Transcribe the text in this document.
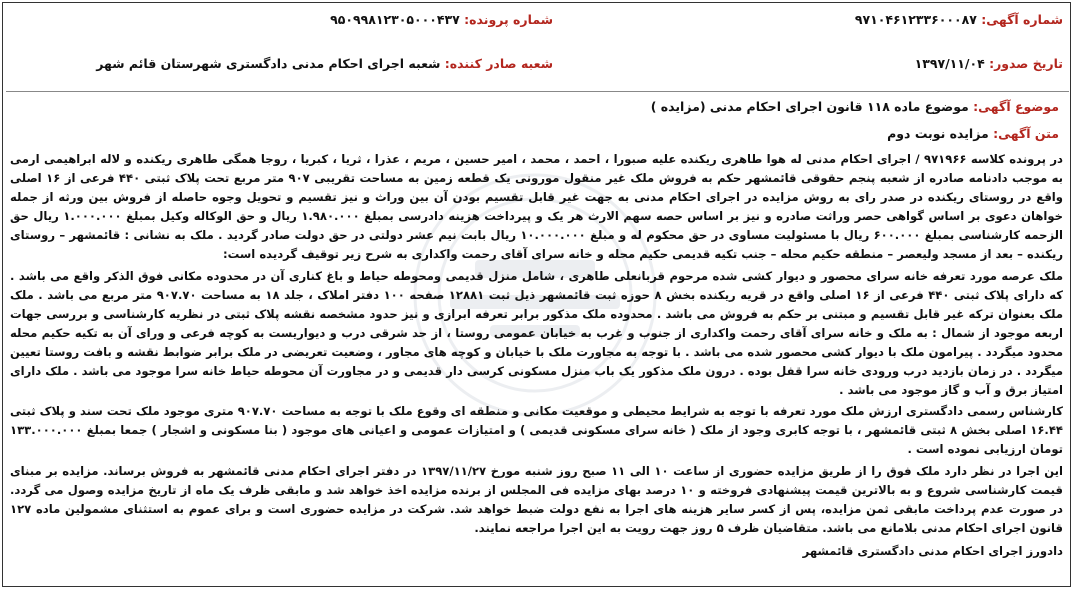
شماره آگهی: ۹۷۱۰۴۶۱۲۳۳۶۰۰۰۸۷
شماره پرونده: ۹۵۰۹۹۸۱۲۳۰۵۰۰۰۴۳۷
تاریخ صدور: ۱۳۹۷/۱۱/۰۴
شعبه صادر کننده: شعبه اجرای احکام مدنی دادگستری شهرستان قائم شهر
موضوع آگهی: موضوع ماده ۱۱۸ قانون اجرای احکام مدنی (مزایده )
متن آگهی: مزایده نوبت دوم

در پرونده کلاسه ۹۷۱۹۶۶ / اجرای احکام مدنی له هوا طاهری ریکنده علیه صبورا ، احمد ، محمد ، امیر حسین ، مریم ، عذرا ، ثریا ، کبریا ، روجا همگی طاهری ریکنده و لاله ابراهیمی ارمی به موجب دادنامه صادره از شعبه پنجم حقوقی قائمشهر حکم به فروش ملک غیر منقول مورونی یک قطعه زمین به مساحت تقریبی ۹۰۷ متر مربع تحت پلاک ثبتی ۴۴۰ فرعی از ۱۶ اصلی واقع در روستای ریکنده در صدر رای به روش مزایده در اجرای احکام مدنی به جهت غیر قابل تقسیم بودن آن بین وراث و نیز تقسیم و تحویل وجوه حاصله از فروش بین ورثه از جمله خواهان دعوی بر اساس گواهی حصر وراثت صادره و نیز بر اساس حصه سهم الارث هر یک و پیرداخت هزینه دادرسی بمبلغ ۱.۹۸۰.۰۰۰ ریال و حق الوکاله وکیل بمبلغ ۱.۰۰۰.۰۰۰ ریال حق الزحمه کارشناسی بمبلغ ۶۰۰.۰۰۰ ریال با مسئولیت مساوی در حق محکوم له و مبلغ ۱۰.۰۰۰.۰۰۰ ریال بابت نیم عشر دولتی در حق دولت صادر گردید . ملک به نشانی : قائمشهر – روستای ریکنده – بعد از مسجد ولیعصر – منطقه حکیم محله – جنب تکیه قدیمی حکیم محله و خانه سرای آقای رحمت واکداری به شرح زیر توقیف گردیده است:

ملک عرصه مورد تعرفه خانه سرای محصور و دیوار کشی شده مرحوم قربانعلی طاهری ، شامل منزل قدیمی ومحوطه حیاط و باغ کناری آن در محدوده مکانی فوق الذکر واقع می باشد . که دارای پلاک ثبتی ۴۴۰ فرعی از ۱۶ اصلی واقع در قریه ریکنده بخش ۸ حوزه ثبت قائمشهر ذیل ثبت ۱۲۸۸۱ صفحه ۱۰۰ دفتر املاک ، جلد ۱۸ به مساحت ۹۰۷.۷۰ متر مربع می باشد . ملک ملک بعنوان ترکه غیر قابل تقسیم و مبتنی بر حکم به فروش می باشد . محدوده ملک مذکور برابر تعرفه ابرازی و نیز حدود مشخصه نقشه پلاک ثبتی در نظریه کارشناسی و بررسی جهات اربعه موجود از شمال : به ملک و خانه سرای آقای رحمت واکداری از جنوب و غرب به خیابان عمومی روستا ، از حد شرقی درب و دیواریست به کوچه فرعی و ورای آن به تکیه حکیم محله محدود میگردد . پیرامون ملک با دیوار کشی محصور شده می باشد . با توجه به مجاورت ملک با خیابان و کوچه های مجاور ، وضعیت تعریضی در ملک برابر ضوابط نقشه و بافت روستا تعیین میگردد . در زمان بازدید درب ورودی خانه سرا قفل بوده . درون ملک مذکور یک باب منزل مسکونی کرسی دار قدیمی و در مجاورت آن محوطه حیاط خانه سرا موجود می باشد . ملک دارای امتیاز برق و آب و گاز موجود می باشد .

کارشناس رسمی دادگستری ارزش ملک مورد تعرفه با توجه به شرایط محیطی و موقعیت مکانی و منطقه ای وقوع ملک با توجه به مساحت ۹۰۷.۷۰ متری موجود ملک تحت سند و پلاک ثبتی ۱۶.۴۴ اصلی بخش ۸ ثبتی قائمشهر ، با توجه کابری وجود از ملک ( خانه سرای مسکونی قدیمی ) و امتیازات عمومی و اعیانی های موجود ( بنا مسکونی و اشجار ) جمعا بمبلغ ۱۳۳.۰۰۰.۰۰۰ تومان ارزیابی نموده است .

این اجرا در نظر دارد ملک فوق را از طریق مزایده حضوری از ساعت ۱۰ الی ۱۱ صبح روز شنبه مورخ ۱۳۹۷/۱۱/۲۷ در دفتر اجرای احکام مدنی قائمشهر به فروش برساند. مزایده بر مبنای قیمت کارشناسی شروع و به بالاترین قیمت پیشنهادی فروخته و ۱۰ درصد بهای مزایده فی المجلس از برنده مزایده اخذ خواهد شد و مابقی ظرف یک ماه از تاریخ مزایده وصول می گردد. در صورت عدم پرداخت مابقی ثمن مزایده، پس از کسر سایر هزینه های اجرا به نفع دولت ضبط خواهد شد. شرکت در مزایده حضوری است و برای عموم به استثنای مشمولین ماده ۱۲۷ قانون اجرای احکام مدنی بلامانع می باشد. متقاضیان ظرف ۵ روز جهت رویت به این اجرا مراجعه نمایند.

دادورز اجرای احکام مدنی دادگستری قائمشهر
